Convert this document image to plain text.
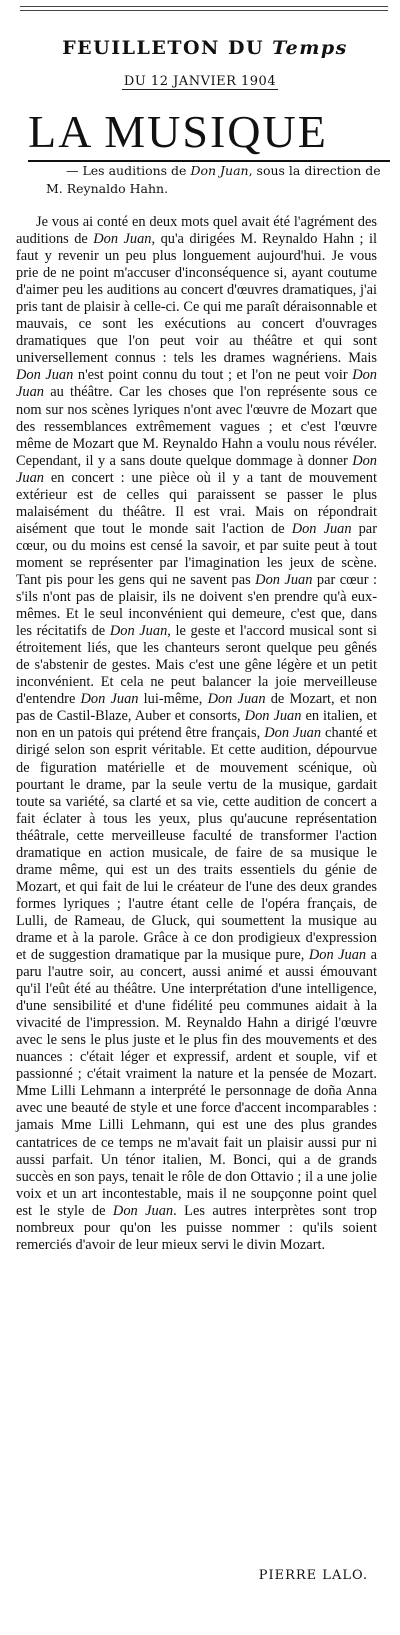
FEUILLETON DU Temps
DU 12 JANVIER 1904
LA MUSIQUE
— Les auditions de Don Juan, sous la direction de M. Reynaldo Hahn.

Je vous ai conté en deux mots quel avait été l'agrément des auditions de Don Juan, qu'a dirigées M. Reynaldo Hahn ; il faut y revenir un peu plus longuement aujourd'hui. Je vous prie de ne point m'accuser d'inconséquence si, ayant coutume d'aimer peu les auditions au concert d'œuvres dramatiques, j'ai pris tant de plaisir à celle-ci. Ce qui me paraît déraisonnable et mauvais, ce sont les exécutions au concert d'ouvrages dramatiques que l'on peut voir au théâtre et qui sont universellement connus : tels les drames wagnériens. Mais Don Juan n'est point connu du tout ; et l'on ne peut voir Don Juan au théâtre. Car les choses que l'on représente sous ce nom sur nos scènes lyriques n'ont avec l'œuvre de Mozart que des ressemblances extrêmement vagues ; et c'est l'œuvre même de Mozart que M. Reynaldo Hahn a voulu nous révéler. Cependant, il y a sans doute quelque dommage à donner Don Juan en concert : une pièce où il y a tant de mouvement extérieur est de celles qui paraissent se passer le plus malaisément du théâtre. Il est vrai. Mais on répondrait aisément que tout le monde sait l'action de Don Juan par cœur, ou du moins est censé la savoir, et par suite peut à tout moment se représenter par l'imagination les jeux de scène. Tant pis pour les gens qui ne savent pas Don Juan par cœur : s'ils n'ont pas de plaisir, ils ne doivent s'en prendre qu'à eux-mêmes. Et le seul inconvénient qui demeure, c'est que, dans les récitatifs de Don Juan, le geste et l'accord musical sont si étroitement liés, que les chanteurs seront quelque peu gênés de s'abstenir de gestes. Mais c'est une gêne légère et un petit inconvénient. Et cela ne peut balancer la joie merveilleuse d'entendre Don Juan lui-même, Don Juan de Mozart, et non pas de Castil-Blaze, Auber et consorts, Don Juan en italien, et non en un patois qui prétend être français, Don Juan chanté et dirigé selon son esprit véritable. Et cette audition, dépourvue de figuration matérielle et de mouvement scénique, où pourtant le drame, par la seule vertu de la musique, gardait toute sa variété, sa clarté et sa vie, cette audition de concert a fait éclater à tous les yeux, plus qu'aucune représentation théâtrale, cette merveilleuse faculté de transformer l'action dramatique en action musicale, de faire de sa musique le drame même, qui est un des traits essentiels du génie de Mozart, et qui fait de lui le créateur de l'une des deux grandes formes lyriques ; l'autre étant celle de l'opéra français, de Lulli, de Rameau, de Gluck, qui soumettent la musique au drame et à la parole. Grâce à ce don prodigieux d'expression et de suggestion dramatique par la musique pure, Don Juan a paru l'autre soir, au concert, aussi animé et aussi émouvant qu'il l'eût été au théâtre. Une interprétation d'une intelligence, d'une sensibilité et d'une fidélité peu communes aidait à la vivacité de l'impression. M. Reynaldo Hahn a dirigé l'œuvre avec le sens le plus juste et le plus fin des mouvements et des nuances : c'était léger et expressif, ardent et souple, vif et passionné ; c'était vraiment la nature et la pensée de Mozart. Mme Lilli Lehmann a interprété le personnage de doña Anna avec une beauté de style et une force d'accent incomparables : jamais Mme Lilli Lehmann, qui est une des plus grandes cantatrices de ce temps ne m'avait fait un plaisir aussi pur ni aussi parfait. Un ténor italien, M. Bonci, qui a de grands succès en son pays, tenait le rôle de don Ottavio ; il a une jolie voix et un art incontestable, mais il ne soupçonne point quel est le style de Don Juan. Les autres interprètes sont trop nombreux pour qu'on les puisse nommer : qu'ils soient remerciés d'avoir de leur mieux servi le divin Mozart.

PIERRE LALO.
